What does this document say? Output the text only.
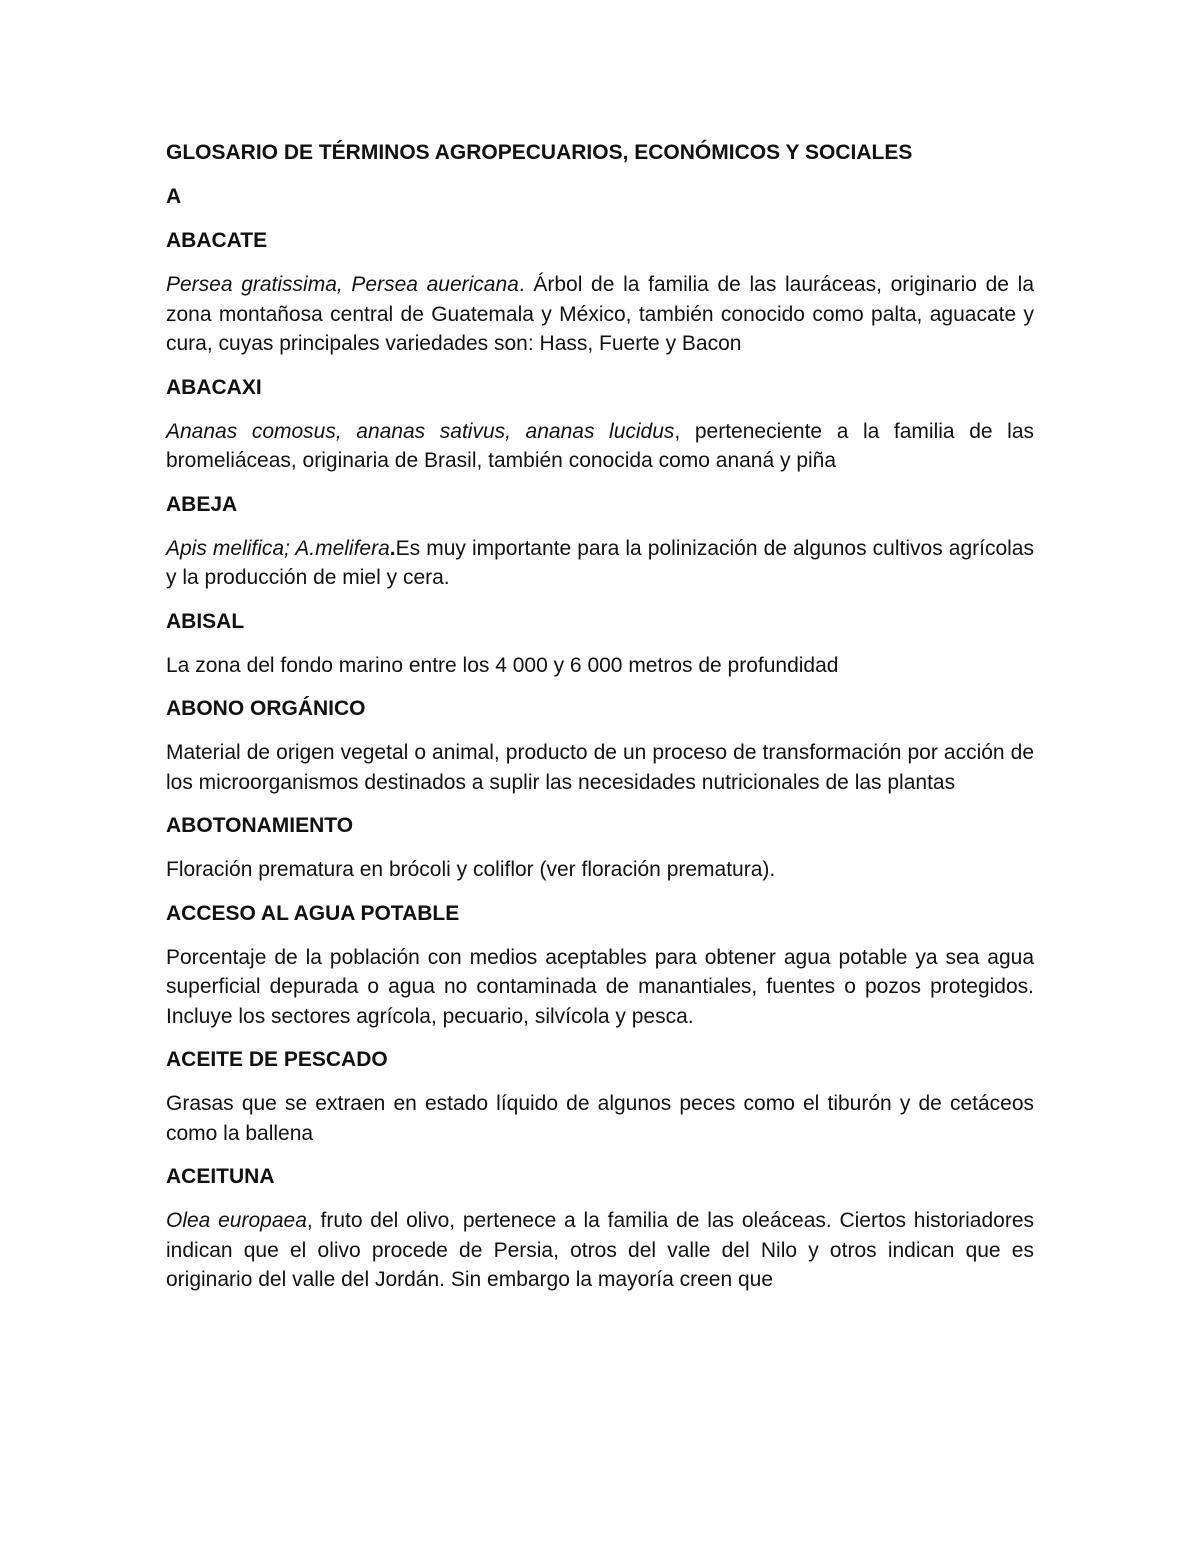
GLOSARIO DE TÉRMINOS AGROPECUARIOS, ECONÓMICOS Y SOCIALES
A
ABACATE
Persea gratissima, Persea auericana. Árbol de la familia de las lauráceas, originario de la zona montañosa central de Guatemala y México, también conocido como palta, aguacate y cura, cuyas principales variedades son: Hass, Fuerte y Bacon
ABACAXI
Ananas comosus, ananas sativus, ananas lucidus, perteneciente a la familia de las bromeliáceas, originaria de Brasil, también conocida como ananá y piña
ABEJA
Apis melifica; A.melifera.Es muy importante para la polinización de algunos cultivos agrícolas y la producción de miel y cera.
ABISAL
La zona del fondo marino entre los 4 000 y 6 000 metros de profundidad
ABONO ORGÁNICO
Material de origen vegetal o animal, producto de un proceso de transformación por acción de los microorganismos destinados a suplir las necesidades nutricionales de las plantas
ABOTONAMIENTO
Floración prematura en brócoli y coliflor (ver floración prematura).
ACCESO AL AGUA POTABLE
Porcentaje de la población con medios aceptables para obtener agua potable ya sea agua superficial depurada o agua no contaminada de manantiales, fuentes o pozos protegidos. Incluye los sectores agrícola, pecuario, silvícola y pesca.
ACEITE DE PESCADO
Grasas que se extraen en estado líquido de algunos peces como el tiburón y de cetáceos como la ballena
ACEITUNA
Olea europaea, fruto del olivo, pertenece a la familia de las oleáceas. Ciertos historiadores indican que el olivo procede de Persia, otros del valle del Nilo y otros indican que es originario del valle del Jordán. Sin embargo la mayoría creen que
